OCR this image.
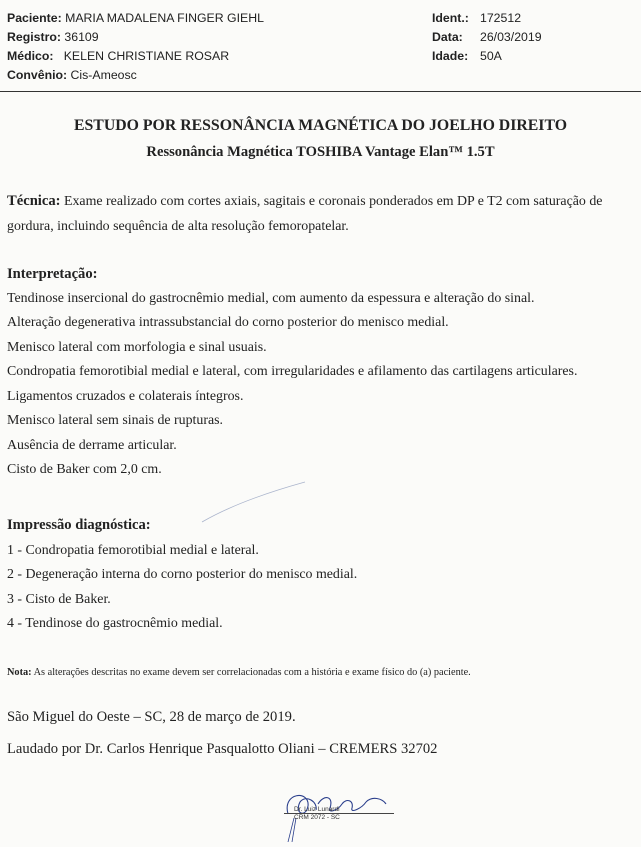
Paciente: MARIA MADALENA FINGER GIEHL
Registro: 36109
Médico: KELEN CHRISTIANE ROSAR
Convênio: Cis-Ameosc
Ident.: 172512
Data: 26/03/2019
Idade: 50A
ESTUDO POR RESSONÂNCIA MAGNÉTICA DO JOELHO DIREITO
Ressonância Magnética TOSHIBA Vantage Elan™ 1.5T
Técnica: Exame realizado com cortes axiais, sagitais e coronais ponderados em DP e T2 com saturação de gordura, incluindo sequência de alta resolução femoropatelar.
Interpretação:
Tendinose insercional do gastrocnêmio medial, com aumento da espessura e alteração do sinal.
Alteração degenerativa intrassubstancial do corno posterior do menisco medial.
Menisco lateral com morfologia e sinal usuais.
Condropatia femorotibial medial e lateral, com irregularidades e afilamento das cartilagens articulares.
Ligamentos cruzados e colaterais íntegros.
Menisco lateral sem sinais de rupturas.
Ausência de derrame articular.
Cisto de Baker com 2,0 cm.
Impressão diagnóstica:
1 - Condropatia femorotibial medial e lateral.
2 - Degeneração interna do corno posterior do menisco medial.
3 - Cisto de Baker.
4 - Tendinose do gastrocnêmio medial.
Nota: As alterações descritas no exame devem ser correlacionadas com a história e exame físico do (a) paciente.
São Miguel do Oeste – SC, 28 de março de 2019.
Laudado por Dr. Carlos Henrique Pasqualotto Oliani – CREMERS 32702
Dr. Luiz Lunardi
CRM 2072 - SC
